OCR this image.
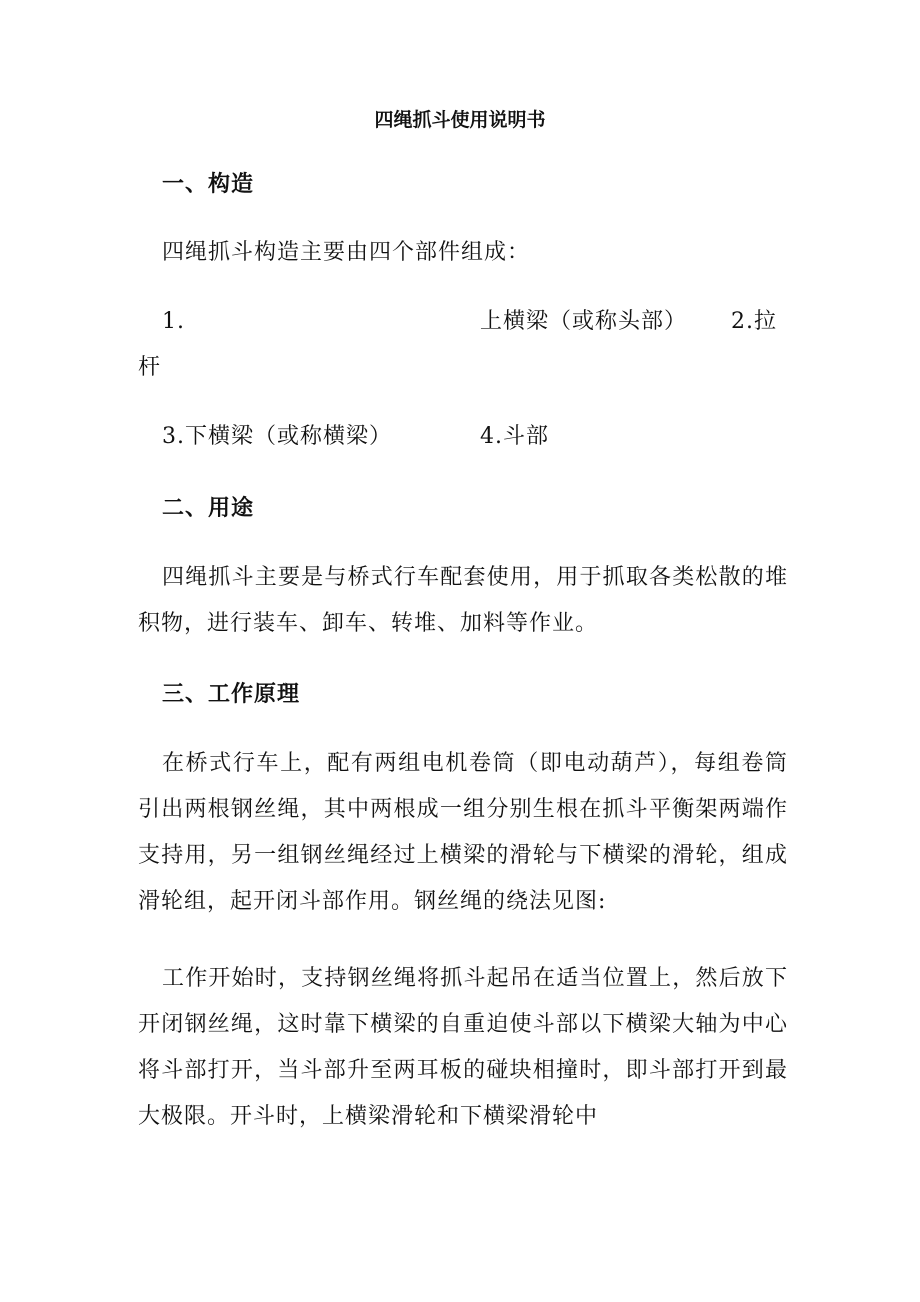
四绳抓斗使用说明书
一、构造
四绳抓斗构造主要由四个部件组成：
1.	上横梁（或称头部） 2.拉
杆
3.下横梁（或称横梁）	4.斗部
二、用途
四绳抓斗主要是与桥式行车配套使用，用于抓取各类松散的堆积物，进行装车、卸车、转堆、加料等作业。
三、工作原理
在桥式行车上，配有两组电机卷筒（即电动葫芦），每组卷筒引出两根钢丝绳，其中两根成一组分别生根在抓斗平衡架两端作支持用，另一组钢丝绳经过上横梁的滑轮与下横梁的滑轮，组成滑轮组，起开闭斗部作用。钢丝绳的绕法见图:
工作开始时，支持钢丝绳将抓斗起吊在适当位置上，然后放下开闭钢丝绳，这时靠下横梁的自重迫使斗部以下横梁大轴为中心将斗部打开，当斗部升至两耳板的碰块相撞时，即斗部打开到最大极限。开斗时，上横梁滑轮和下横梁滑轮中
